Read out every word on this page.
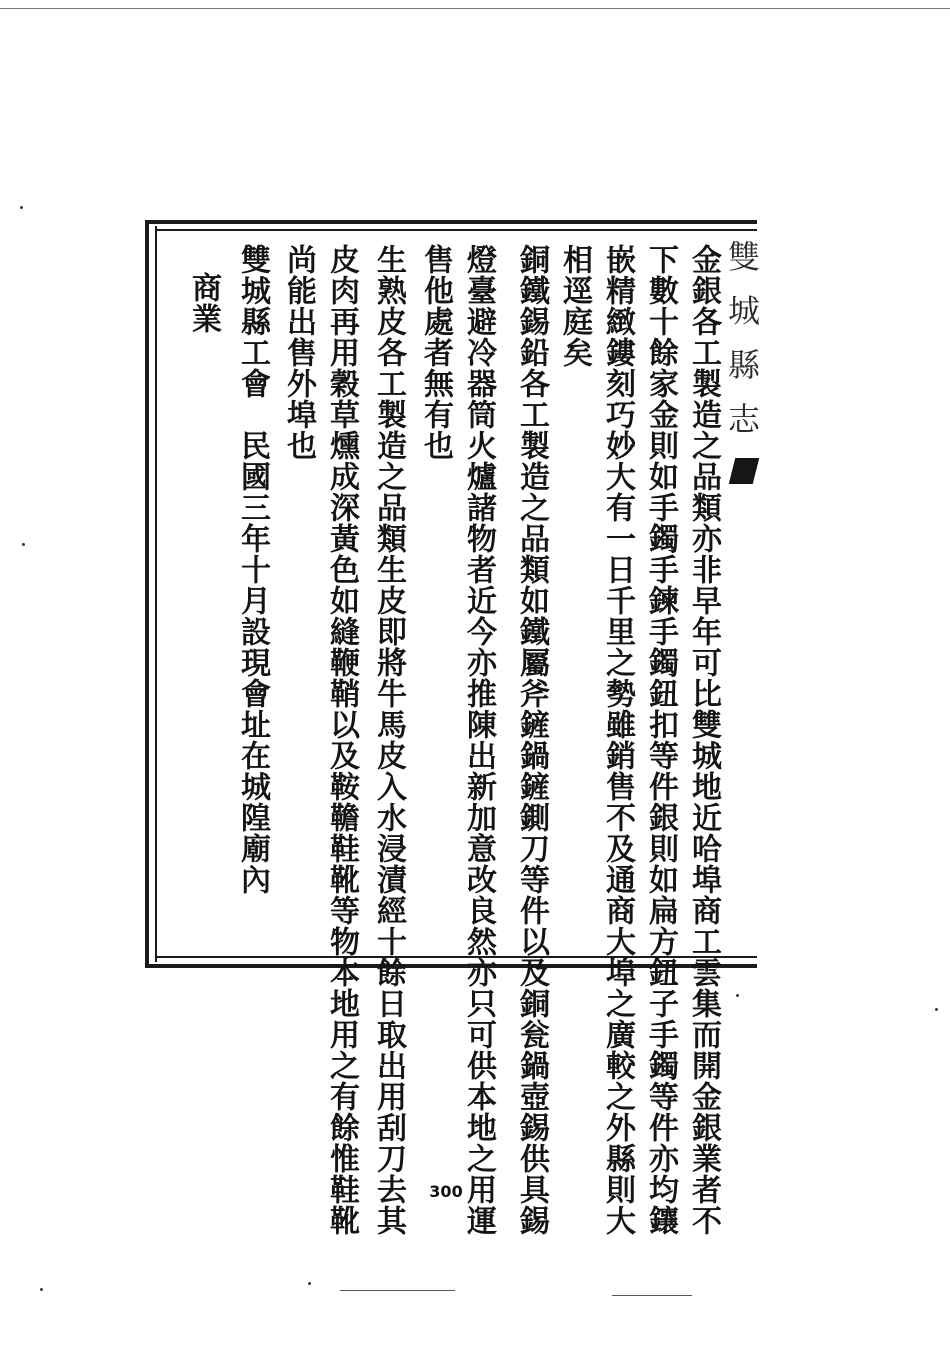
雙城縣志
金銀各工製造之品類亦非早年可比雙城地近哈埠商工雲集而開金銀業者不
下數十餘家金則如手鐲手鍊手鐲鈕扣等件銀則如扁方鈕子手鐲等件亦均鑲
嵌精緻鏤刻巧妙大有一日千里之勢雖銷售不及通商大埠之廣較之外縣則大
相逕庭矣
銅鐵錫鉛各工製造之品類如鐵屬斧鏟鍋鏟鍘刀等件以及銅瓮鍋壺錫供具錫
燈臺避冷器筒火爐諸物者近今亦推陳出新加意改良然亦只可供本地之用運
售他處者無有也
生熟皮各工製造之品類生皮即將牛馬皮入水浸漬經十餘日取出用刮刀去其
皮肉再用穀草燻成深黃色如縫鞭鞘以及鞍韂鞋靴等物本地用之有餘惟鞋靴
尚能出售外埠也
雙城縣工會　民國三年十月設現會址在城隍廟內
商業
300
